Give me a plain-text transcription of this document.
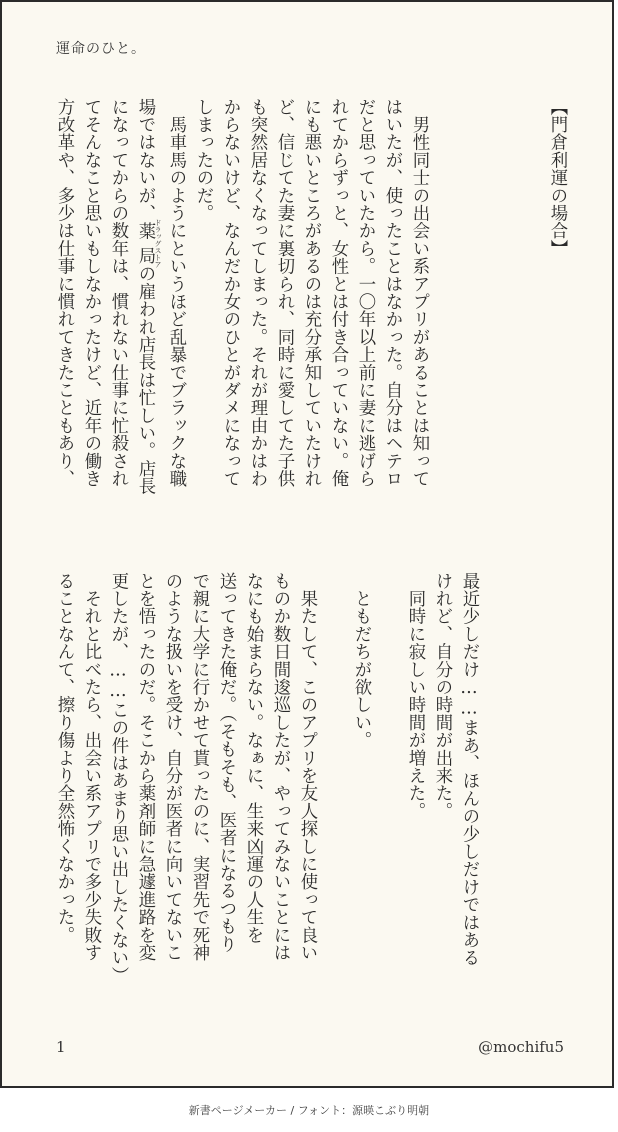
運命のひと。
【門倉利運の場合】
　男性同士の出会い系アプリがあることは知って
はいたが、使ったことはなかった。自分はヘテロ
だと思っていたから。一〇年以上前に妻に逃げら
れてからずっと、女性とは付き合っていない。俺
にも悪いところがあるのは充分承知していたけれ
ど、信じてた妻に裏切られ、同時に愛してた子供
も突然居なくなってしまった。それが理由かはわ
からないけど、なんだか女のひとがダメになって
しまったのだ。
　馬車馬のようにというほど乱暴でブラックな職
場ではないが、薬局 ドラッグストアの雇われ店長は忙しい。店長
になってからの数年は、慣れない仕事に忙殺され
てそんなこと思いもしなかったけど、近年の働き
方改革や、多少は仕事に慣れてきたこともあり、
最近少しだけ……まあ、ほんの少しだけではある
けれど、自分の時間が出来た。
　同時に寂しい時間が増えた。

　ともだちが欲しい。

　果たして、このアプリを友人探しに使って良い
ものか数日間逡巡したが、やってみないことには
なにも始まらない。なぁに、生来凶運の人生を
送ってきた俺だ。（そもそも、医者になるつもり
で親に大学に行かせて貰ったのに、実習先で死神
のような扱いを受け、自分が医者に向いてないこ
とを悟ったのだ。そこから薬剤師に急遽進路を変
更したが、……この件はあまり思い出したくない）
　それと比べたら、出会い系アプリで多少失敗す
ることなんて、擦り傷より全然怖くなかった。
1	@mochifu5
新書ページメーカー / フォント：源暎こぶり明朝
